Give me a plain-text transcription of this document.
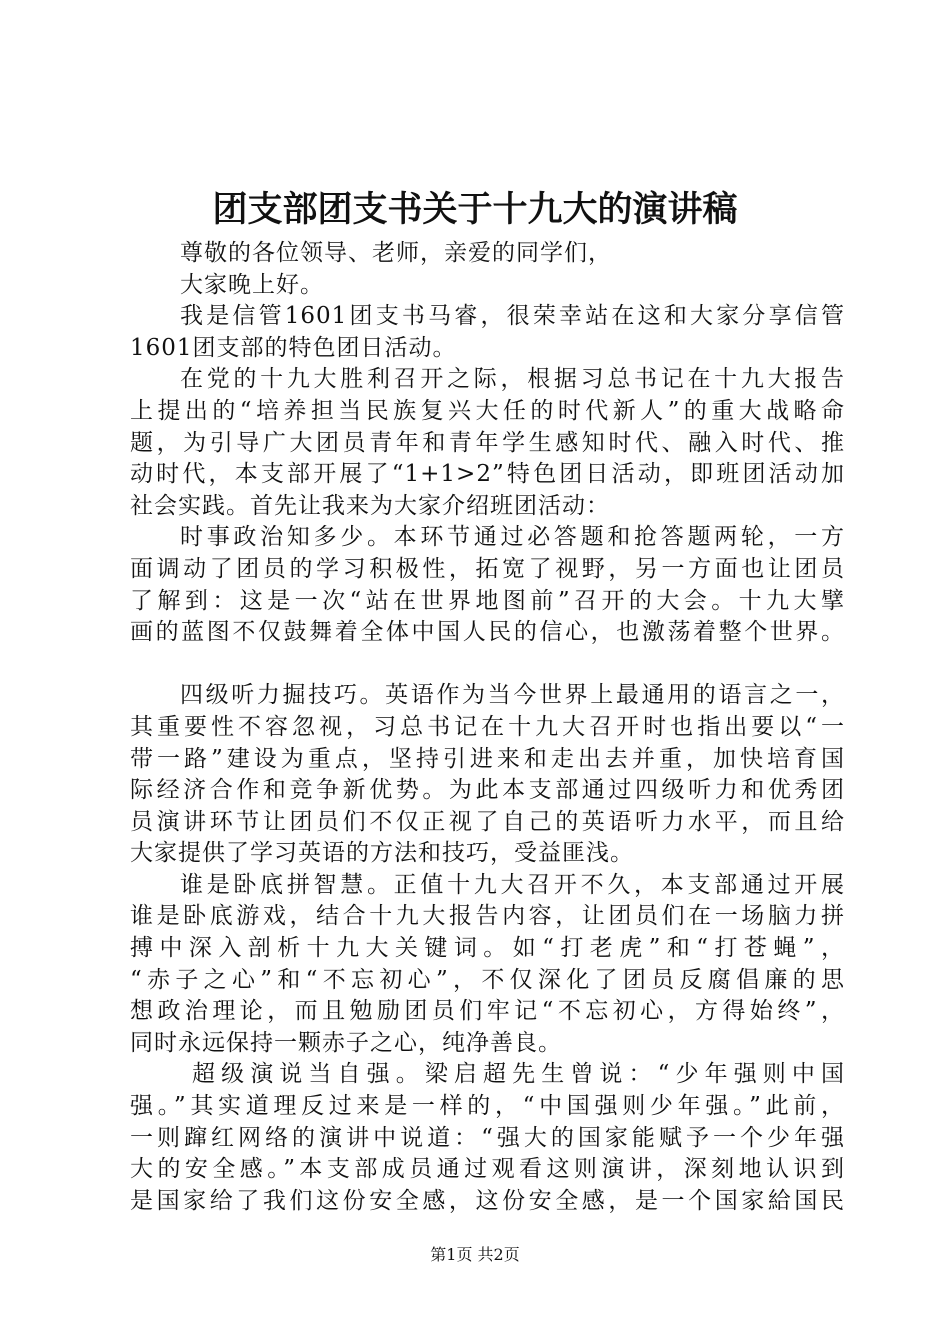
团支部团支书关于十九大的演讲稿
尊敬的各位领导、老师，亲爱的同学们，
大家晚上好。
我是信管1601团支书马睿，很荣幸站在这和大家分享信管
1601团支部的特色团日活动。
在党的十九大胜利召开之际，根据习总书记在十九大报告
上提出的“培养担当民族复兴大任的时代新人”的重大战略命
题，为引导广大团员青年和青年学生感知时代、融入时代、推
动时代，本支部开展了“1+1>2”特色团日活动，即班团活动加
社会实践。首先让我来为大家介绍班团活动：
时事政治知多少。本环节通过必答题和抢答题两轮，一方
面调动了团员的学习积极性，拓宽了视野，另一方面也让团员
了解到：这是一次“站在世界地图前”召开的大会。十九大擘
画的蓝图不仅鼓舞着全体中国人民的信心，也激荡着整个世界。
四级听力掘技巧。英语作为当今世界上最通用的语言之一，
其重要性不容忽视，习总书记在十九大召开时也指出要以“一
带一路”建设为重点，坚持引进来和走出去并重，加快培育国
际经济合作和竞争新优势。为此本支部通过四级听力和优秀团
员演讲环节让团员们不仅正视了自己的英语听力水平，而且给
大家提供了学习英语的方法和技巧，受益匪浅。
谁是卧底拼智慧。正值十九大召开不久，本支部通过开展
谁是卧底游戏，结合十九大报告内容，让团员们在一场脑力拼
搏中深入剖析十九大关键词。如“打老虎”和“打苍蝇”，
“赤子之心”和“不忘初心”，不仅深化了团员反腐倡廉的思
想政治理论，而且勉励团员们牢记“不忘初心，方得始终”，
同时永远保持一颗赤子之心，纯净善良。
超级演说当自强。梁启超先生曾说：“少年强则中国
强。”其实道理反过来是一样的，“中国强则少年强。”此前，
一则蹿红网络的演讲中说道：“强大的国家能赋予一个少年强
大的安全感。”本支部成员通过观看这则演讲，深刻地认识到
是国家给了我们这份安全感，这份安全感，是一个国家給国民
第1页 共2页
